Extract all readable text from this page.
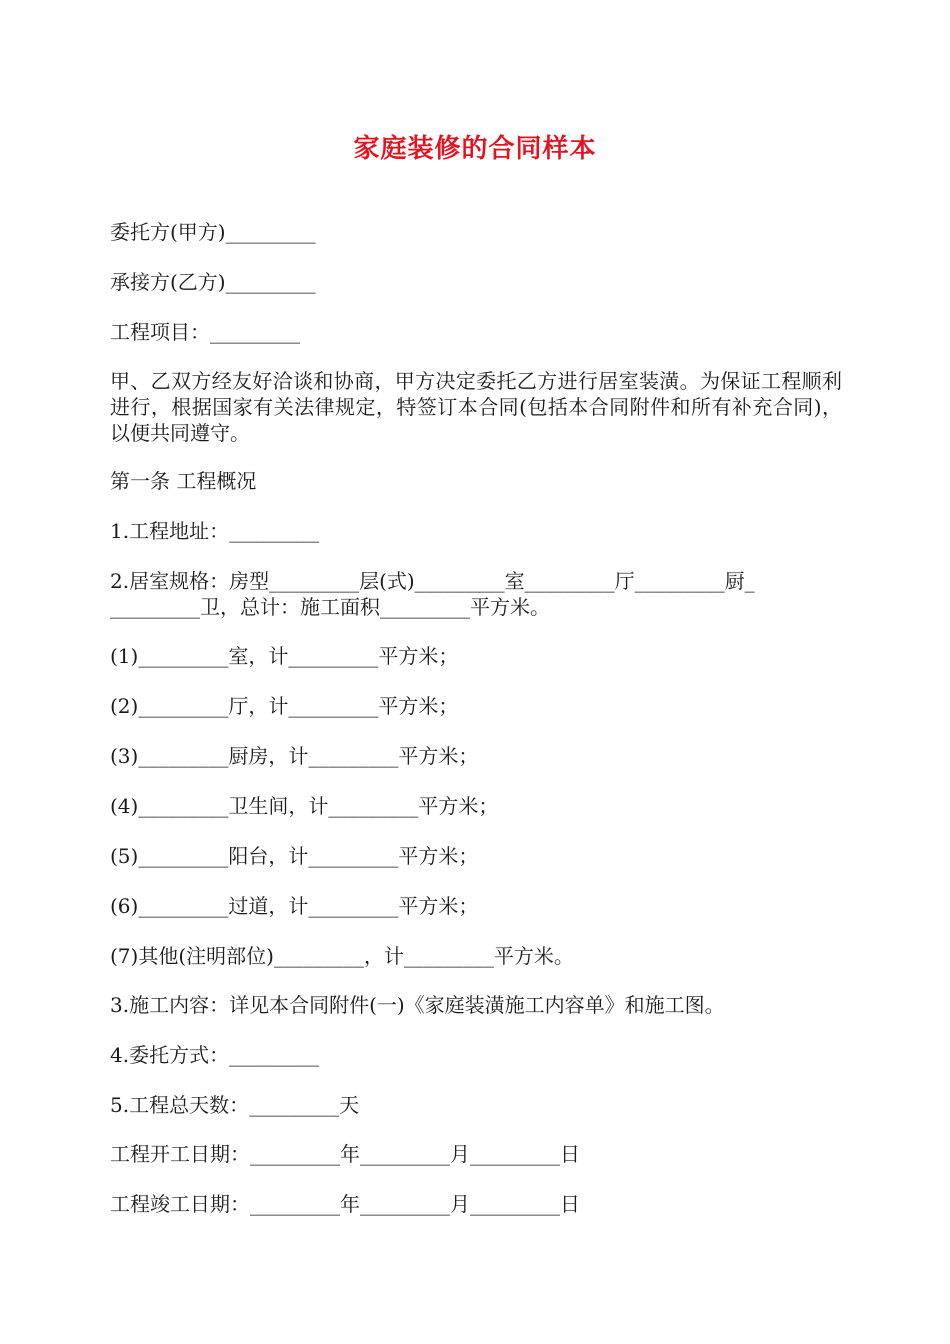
家庭装修的合同样本
委托方(甲方)_________
承接方(乙方)_________
工程项目：_________
甲、乙双方经友好洽谈和协商，甲方决定委托乙方进行居室装潢。为保证工程顺利进行，根据国家有关法律规定，特签订本合同(包括本合同附件和所有补充合同)，以便共同遵守。
第一条 工程概况
1.工程地址：_________
2.居室规格：房型_________层(式)_________室_________厅_________厨_
_________卫，总计：施工面积_________平方米。
(1)_________室，计_________平方米；
(2)_________厅，计_________平方米；
(3)_________厨房，计_________平方米；
(4)_________卫生间，计_________平方米；
(5)_________阳台，计_________平方米；
(6)_________过道，计_________平方米；
(7)其他(注明部位)_________，计_________平方米。
3.施工内容：详见本合同附件(一)《家庭装潢施工内容单》和施工图。
4.委托方式：_________
5.工程总天数：_________天
工程开工日期：_________年_________月_________日
工程竣工日期：_________年_________月_________日
